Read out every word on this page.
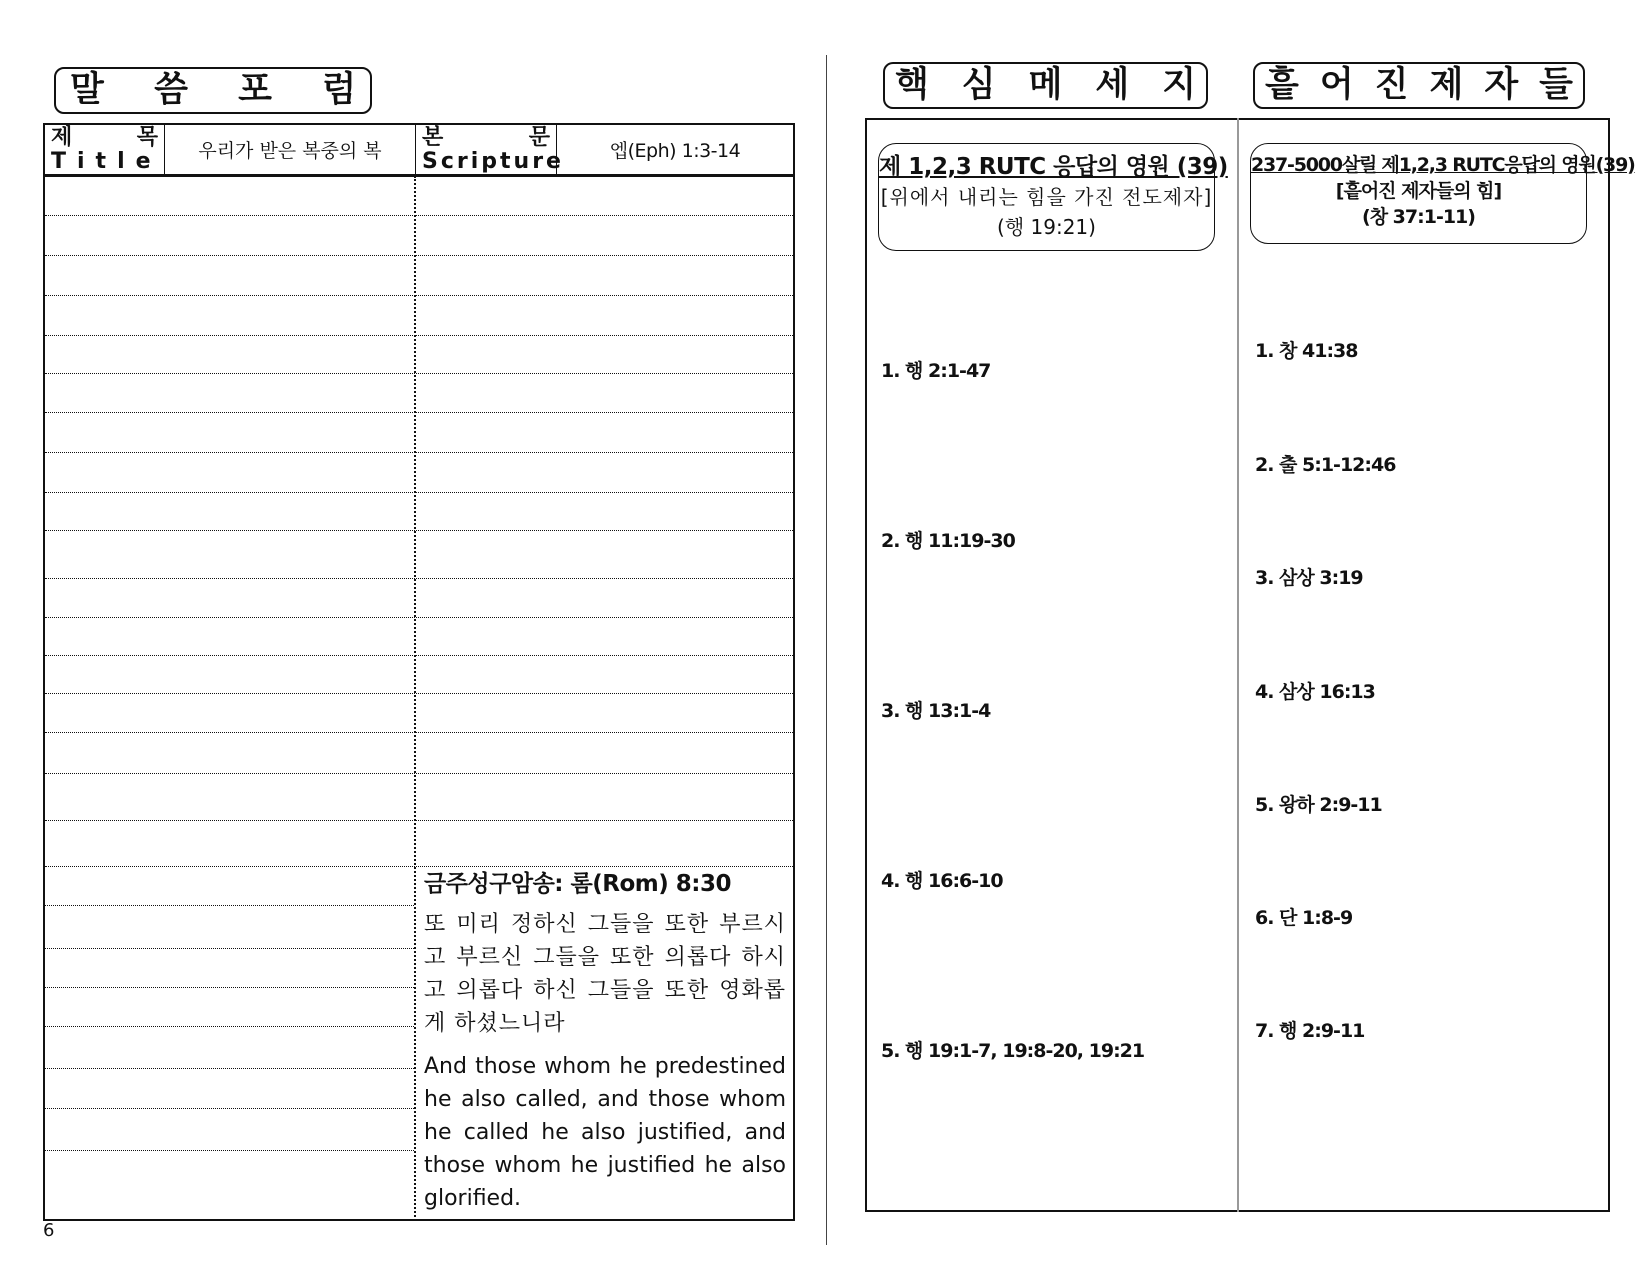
말 씀 포 럼
제	목
Title 우리가 받은 복중의 복
본	문
Scripture 엡(Eph) 1:3-14
금주성구암송: 롬(Rom) 8:30
또 미리 정하신 그들을 또한 부르시고 부르신 그들을 또한 의롭다 하시고 의롭다 하신 그들을 또한 영화롭게 하셨느니라
And those whom he predestined he also called, and those whom he called he also justified, and those whom he justified he also glorified.
6
핵 심 메 세 지 흩 어 진 제 자 들
제 1,2,3 RUTC 응답의 영원 (39)
[위에서 내리는 힘을 가진 전도제자]
(행 19:21)
237-5000살릴 제1,2,3 RUTC응답의 영원(39)
[흩어진 제자들의 힘]
(창 37:1-11)
1. 행 2:1-47
2. 행 11:19-30
3. 행 13:1-4
4. 행 16:6-10
5. 행 19:1-7, 19:8-20, 19:21
1. 창 41:38
2. 출 5:1-12:46
3. 삼상 3:19
4. 삼상 16:13
5. 왕하 2:9-11
6. 단 1:8-9
7. 행 2:9-11
